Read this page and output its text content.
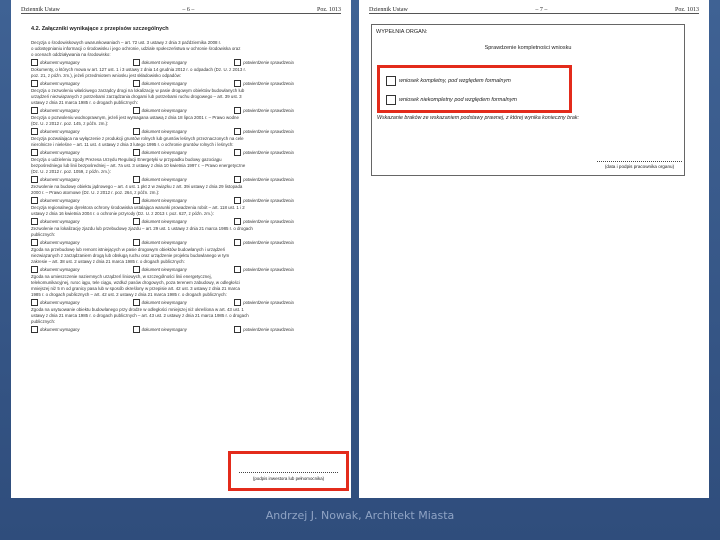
Dziennik Ustaw	– 6 –	Poz. 1013
4.2. Załączniki wynikające z przepisów szczególnych
Decyzja o środowiskowych uwarunkowaniach – art. 72 ust. 3 ustawy z dnia 3 października 2008 r.
o udostępnianiu informacji o środowisku i jego ochronie, udziale społeczeństwa w ochronie środowiska oraz
o ocenach oddziaływania na środowisko:
dokument wymagany	dokument niewymagany	potwierdzenie sprawdzenia
Dokumenty, o których mowa w art. 127 ust. 1 i 3 ustawy z dnia 14 grudnia 2012 r. o odpadach (Dz. U. z 2013 r.
poz. 21, z późn. zm.), jeżeli przedmiotem wniosku jest składowisko odpadów:
dokument wymagany	dokument niewymagany	potwierdzenie sprawdzenia
Decyzja o zezwoleniu właściwego zarządcy drogi na lokalizację w pasie drogowym obiektów budowlanych lub
urządzeń niezwiązanych z potrzebami zarządzania drogami lub potrzebami ruchu drogowego – art. 39 ust. 3
ustawy z dnia 21 marca 1985 r. o drogach publicznych:
dokument wymagany	dokument niewymagany	potwierdzenie sprawdzenia
Decyzja o pozwoleniu wodnoprawnym, jeżeli jest wymagana ustawą z dnia 18 lipca 2001 r. – Prawo wodne
(Dz. U. z 2012 r. poz. 145, z późn. zm.):
dokument wymagany	dokument niewymagany	potwierdzenie sprawdzenia
Decyzja pozwalająca na wyłączenie z produkcji gruntów rolnych lub gruntów leśnych przeznaczonych na cele
nierolnicze i nieleśne – art. 11 ust. 4 ustawy z dnia 3 lutego 1995 r. o ochronie gruntów rolnych i leśnych:
dokument wymagany	dokument niewymagany	potwierdzenie sprawdzenia
Decyzja o udzieleniu zgody Prezesa Urzędu Regulacji Energetyki w przypadku budowy gazociągu
bezpośredniego lub linii bezpośredniej – art. 7a ust. 3 ustawy z dnia 10 kwietnia 1997 r. – Prawo energetyczne
(Dz. U. z 2012 r. poz. 1059, z późn. zm.):
dokument wymagany	dokument niewymagany	potwierdzenie sprawdzenia
Zezwolenie na budowę obiektu jądrowego – art. 4 ust. 1 pkt 2 w związku z art. 39i ustawy z dnia 29 listopada
2000 r. – Prawo atomowe (Dz. U. z 2012 r. poz. 264, z późn. zm.):
dokument wymagany	dokument niewymagany	potwierdzenie sprawdzenia
Decyzja regionalnego dyrektora ochrony środowiska ustalająca warunki prowadzenia robót – art. 118 ust. 1 i 2
ustawy z dnia 16 kwietnia 2004 r. o ochronie przyrody (Dz. U. z 2013 r. poz. 627, z późn. zm.):
dokument wymagany	dokument niewymagany	potwierdzenie sprawdzenia
Zezwolenie na lokalizację zjazdu lub przebudowę zjazdu – art. 29 ust. 1 ustawy z dnia 21 marca 1985 r. o drogach
publicznych:
dokument wymagany	dokument niewymagany	potwierdzenie sprawdzenia
Zgoda na przebudowę lub remont istniejących w pasie drogowym obiektów budowlanych i urządzeń
niezwiązanych z zarządzaniem drogą lub obsługą ruchu oraz urządzenie projektu budowlanego w tym
zakresie – art. 38 ust. 2 ustawy z dnia 21 marca 1985 r. o drogach publicznych:
dokument wymagany	dokument niewymagany	potwierdzenie sprawdzenia
Zgoda na umieszczenie naziemnych urządzeń liniowych, w szczególności linii energetycznej,
telekomunikacyjnej, ruroc iągu, tele ciągu, wzdłuż pasów drogowych, poza terenem zabudowy, w odległości
mniejszej niż 5 m od granicy pasa lub w sposób określony w przepisie art. 42 ust. 3 ustawy z dnia 21 marca
1985 r. o drogach publicznych – art. 42 ust. 2 ustawy z dnia 21 marca 1985 r. o drogach publicznych:
dokument wymagany	dokument niewymagany	potwierdzenie sprawdzenia
Zgoda na usytuowanie obiektu budowlanego przy drodze w odległości mniejszej niż określona w art. 43 ust. 1
ustawy z dnia 21 marca 1985 r. o drogach publicznych – art. 43 ust. 2 ustawy z dnia 21 marca 1985 r. o drogach
publicznych:
dokument wymagany	dokument niewymagany	potwierdzenie sprawdzenia
(podpis inwestora lub pełnomocnika)
Dziennik Ustaw	– 7 –	Poz. 1013
WYPEŁNIA ORGAN:
Sprawdzenie kompletności wniosku
wniosek kompletny, pod względem formalnym
wniosek niekompletny pod względem formalnym
Wskazanie braków ze wskazaniem podstawy prawnej, z której wynika konieczny brak:
(data i podpis pracownika organu)
Andrzej J. Nowak, Architekt Miasta
